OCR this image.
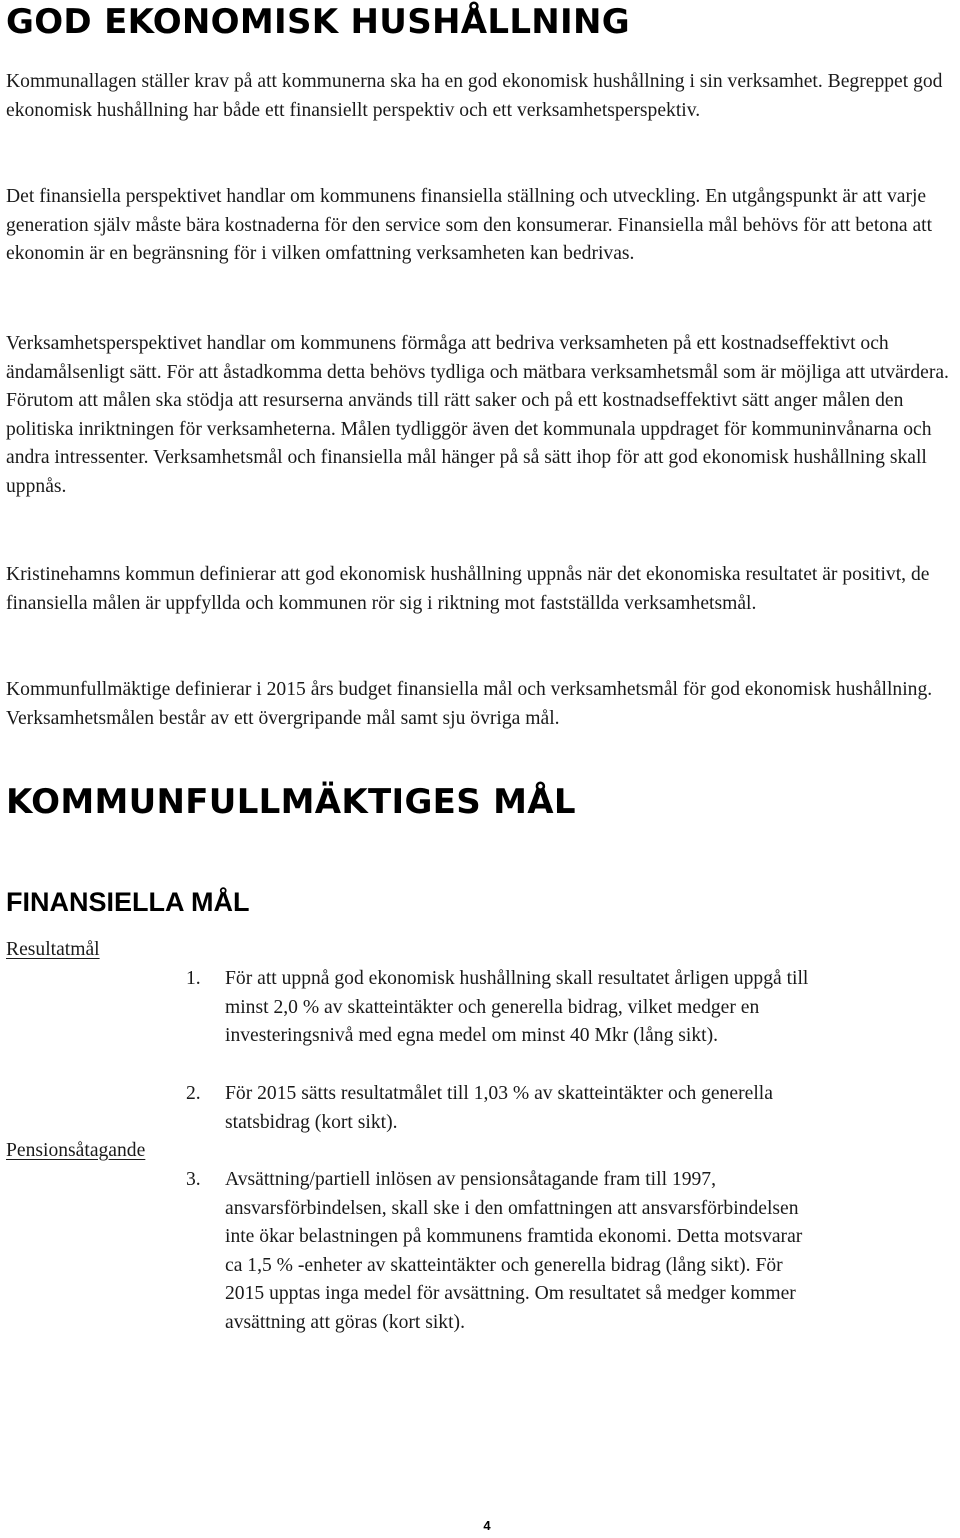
GOD EKONOMISK HUSHÅLLNING

Kommunallagen ställer krav på att kommunerna ska ha en god ekonomisk hushållning i sin verksamhet. Begreppet god ekonomisk hushållning har både ett finansiellt perspektiv och ett verksamhetsperspektiv.

Det finansiella perspektivet handlar om kommunens finansiella ställning och utveckling. En utgångspunkt är att varje generation själv måste bära kostnaderna för den service som den konsumerar. Finansiella mål behövs för att betona att ekonomin är en begränsning för i vilken omfattning verksamheten kan bedrivas.

Verksamhetsperspektivet handlar om kommunens förmåga att bedriva verksamheten på ett kostnadseffektivt och ändamålsenligt sätt. För att åstadkomma detta behövs tydliga och mätbara verksamhetsmål som är möjliga att utvärdera. Förutom att målen ska stödja att resurserna används till rätt saker och på ett kostnadseffektivt sätt anger målen den politiska inriktningen för verksamheterna. Målen tydliggör även det kommunala uppdraget för kommuninvånarna och andra intressenter. Verksamhetsmål och finansiella mål hänger på så sätt ihop för att god ekonomisk hushållning skall uppnås.

Kristinehamns kommun definierar att god ekonomisk hushållning uppnås när det ekonomiska resultatet är positivt, de finansiella målen är uppfyllda och kommunen rör sig i riktning mot fastställda verksamhetsmål.

Kommunfullmäktige definierar i 2015 års budget finansiella mål och verksamhetsmål för god ekonomisk hushållning. Verksamhetsmålen består av ett övergripande mål samt sju övriga mål.

KOMMUNFULLMÄKTIGES MÅL
FINANSIELLA MÅL
Resultatmål
1.	För att uppnå god ekonomisk hushållning skall resultatet årligen uppgå till minst 2,0 % av skatteintäkter och generella bidrag, vilket medger en investeringsnivå med egna medel om minst 40 Mkr (lång sikt).
2.	För 2015 sätts resultatmålet till 1,03 % av skatteintäkter och generella statsbidrag (kort sikt).
Pensionsåtagande
3.	Avsättning/partiell inlösen av pensionsåtagande fram till 1997, ansvarsförbindelsen, skall ske i den omfattningen att ansvarsförbindelsen inte ökar belastningen på kommunens framtida ekonomi. Detta motsvarar ca 1,5 % -enheter av skatteintäkter och generella bidrag (lång sikt). För 2015 upptas inga medel för avsättning. Om resultatet så medger kommer avsättning att göras (kort sikt).
4
